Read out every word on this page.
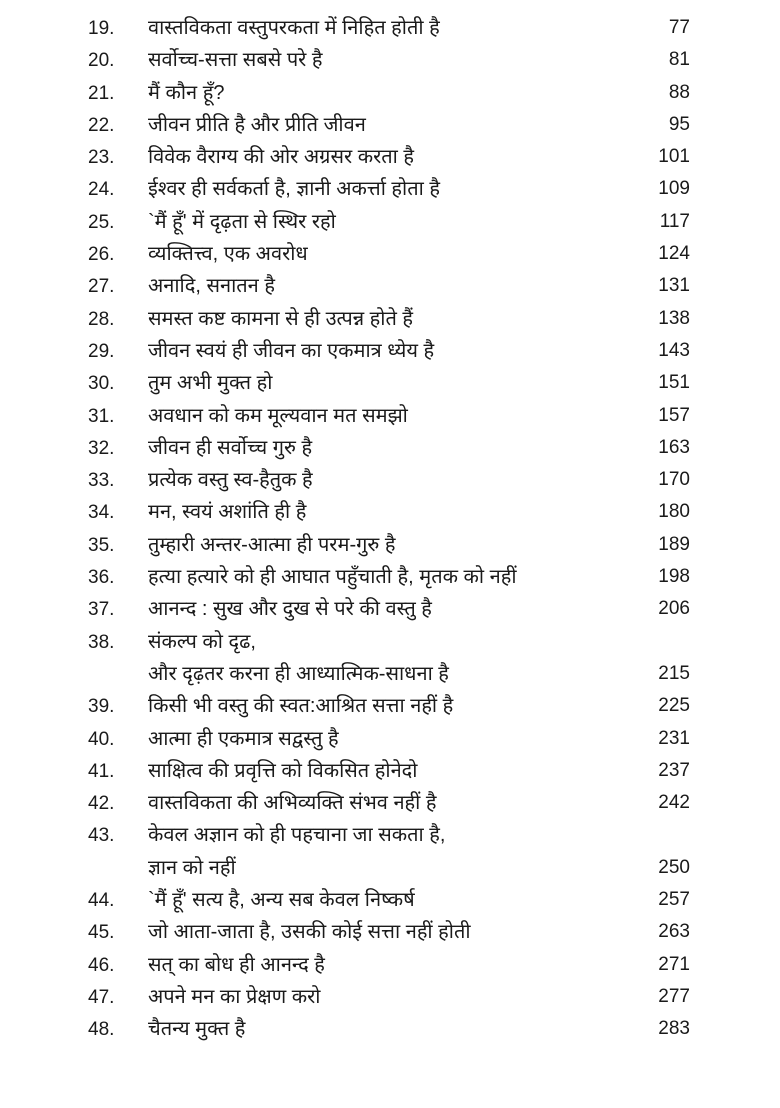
19. वास्तविकता वस्तुपरकता में निहित होती है	77
20. सर्वोच्च-सत्ता सबसे परे है	81
21. मैं कौन हूँ?	88
22. जीवन प्रीति है और प्रीति जीवन	95
23. विवेक वैराग्य की ओर अग्रसर करता है	101
24. ईश्वर ही सर्वकर्ता है, ज्ञानी अकर्त्ता होता है	109
25. `मैं हूँ' में दृढ़ता से स्थिर रहो	117
26. व्यक्तित्त्व, एक अवरोध	124
27. अनादि, सनातन है	131
28. समस्त कष्ट कामना से ही उत्पन्न होते हैं	138
29. जीवन स्वयं ही जीवन का एकमात्र ध्येय है	143
30. तुम अभी मुक्त हो	151
31. अवधान को कम मूल्यवान मत समझो	157
32. जीवन ही सर्वोच्च गुरु है	163
33. प्रत्येक वस्तु स्व-हैतुक है	170
34. मन, स्वयं अशांति ही है	180
35. तुम्हारी अन्तर-आत्मा ही परम-गुरु है	189
36. हत्या हत्यारे को ही आघात पहुँचाती है, मृतक को नहीं	198
37. आनन्द : सुख और दुख से परे की वस्तु है	206
38. संकल्प को दृढ,
और दृढ़तर करना ही आध्यात्मिक-साधना है	215
39. किसी भी वस्तु की स्वत:आश्रित सत्ता नहीं है	225
40. आत्मा ही एकमात्र सद्वस्तु है	231
41. साक्षित्व की प्रवृत्ति को विकसित होनेदो	237
42. वास्तविकता की अभिव्यक्ति संभव नहीं है	242
43. केवल अज्ञान को ही पहचाना जा सकता है,
ज्ञान को नहीं	250
44. `मैं हूँ' सत्य है, अन्य सब केवल निष्कर्ष	257
45. जो आता-जाता है, उसकी कोई सत्ता नहीं होती	263
46. सत् का बोध ही आनन्द है	271
47. अपने मन का प्रेक्षण करो	277
48. चैतन्य मुक्त है	283
